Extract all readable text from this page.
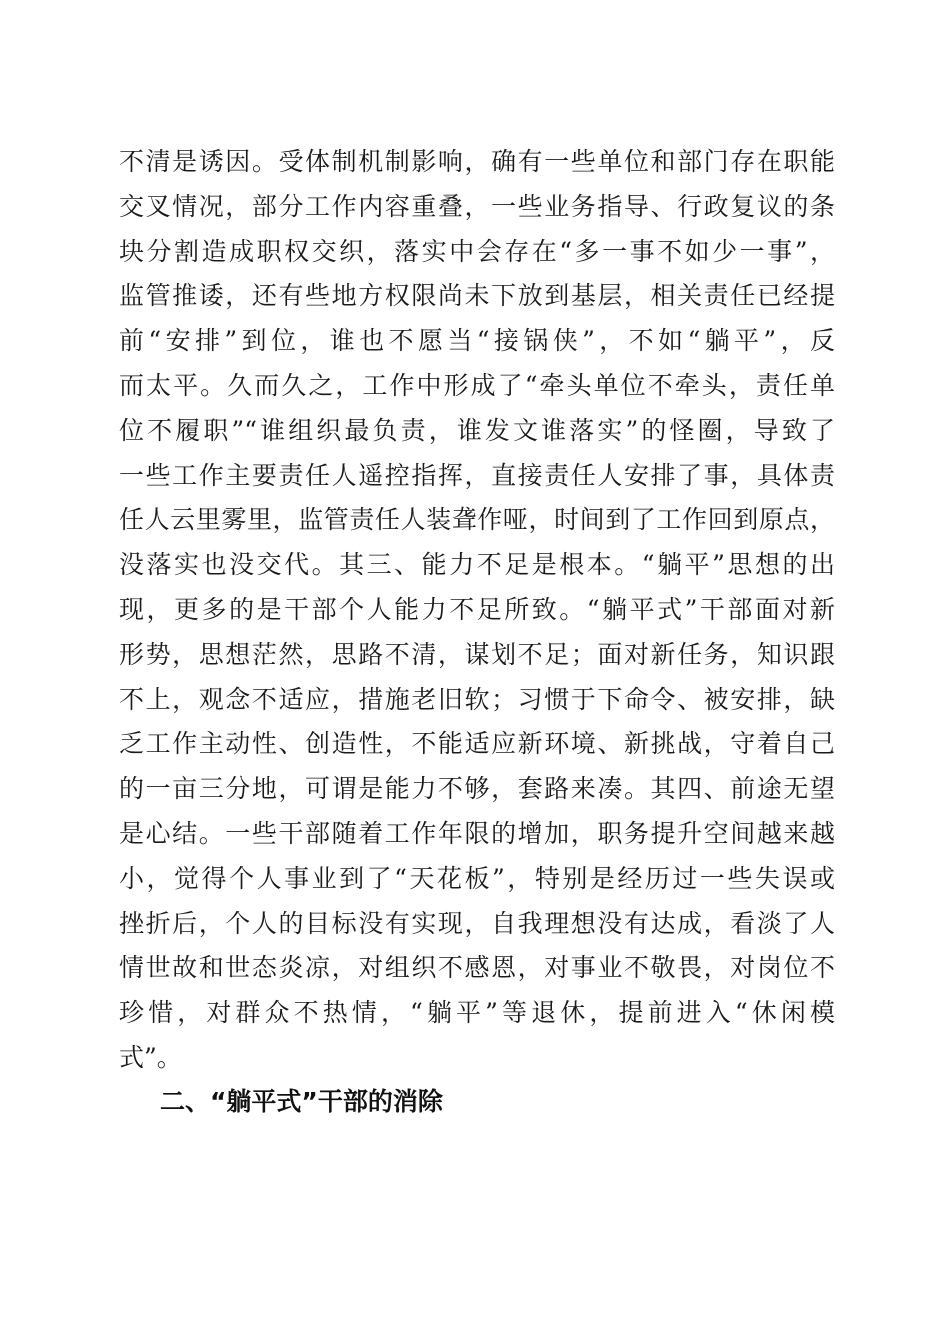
不清是诱因。受体制机制影响，确有一些单位和部门存在职能
交叉情况，部分工作内容重叠，一些业务指导、行政复议的条
块分割造成职权交织，落实中会存在“多一事不如少一事”，
监管推诿，还有些地方权限尚未下放到基层，相关责任已经提
前“安排”到位，谁也不愿当“接锅侠”，不如“躺平”，反
而太平。久而久之，工作中形成了“牵头单位不牵头，责任单
位不履职”“谁组织最负责，谁发文谁落实”的怪圈，导致了
一些工作主要责任人遥控指挥，直接责任人安排了事，具体责
任人云里雾里，监管责任人装聋作哑，时间到了工作回到原点，
没落实也没交代。其三、能力不足是根本。“躺平”思想的出
现，更多的是干部个人能力不足所致。“躺平式”干部面对新
形势，思想茫然，思路不清，谋划不足；面对新任务，知识跟
不上，观念不适应，措施老旧软；习惯于下命令、被安排，缺
乏工作主动性、创造性，不能适应新环境、新挑战，守着自己
的一亩三分地，可谓是能力不够，套路来凑。其四、前途无望
是心结。一些干部随着工作年限的增加，职务提升空间越来越
小，觉得个人事业到了“天花板”，特别是经历过一些失误或
挫折后，个人的目标没有实现，自我理想没有达成，看淡了人
情世故和世态炎凉，对组织不感恩，对事业不敬畏，对岗位不
珍惜，对群众不热情，“躺平”等退休，提前进入“休闲模
式”。
二、“躺平式”干部的消除
